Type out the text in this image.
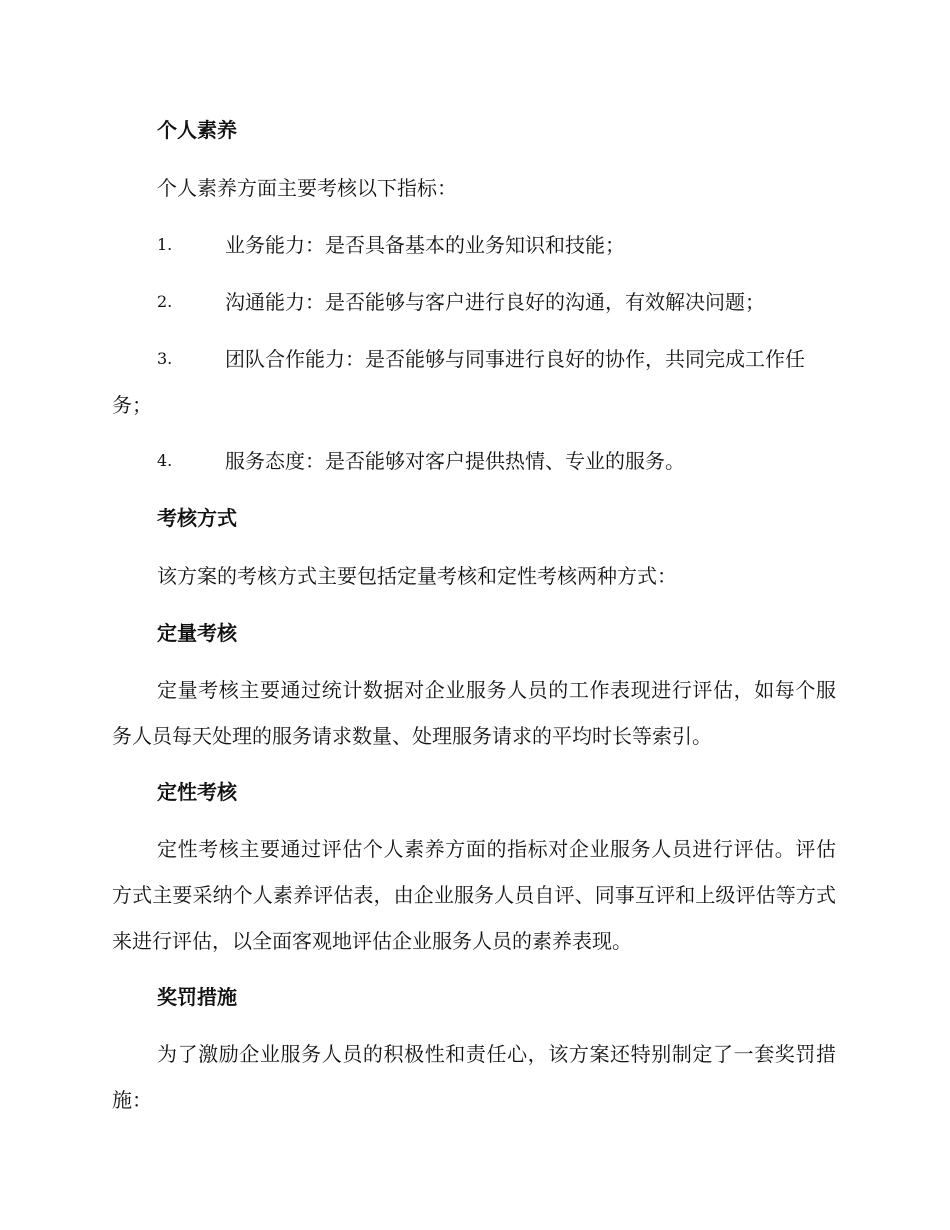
个人素养
个人素养方面主要考核以下指标：
1.	业务能力：是否具备基本的业务知识和技能；
2.	沟通能力：是否能够与客户进行良好的沟通，有效解决问题；
3.	团队合作能力：是否能够与同事进行良好的协作，共同完成工作任务；
4.	服务态度：是否能够对客户提供热情、专业的服务。
考核方式
该方案的考核方式主要包括定量考核和定性考核两种方式：
定量考核
定量考核主要通过统计数据对企业服务人员的工作表现进行评估，如每个服务人员每天处理的服务请求数量、处理服务请求的平均时长等索引。
定性考核
定性考核主要通过评估个人素养方面的指标对企业服务人员进行评估。评估方式主要采纳个人素养评估表，由企业服务人员自评、同事互评和上级评估等方式来进行评估，以全面客观地评估企业服务人员的素养表现。
奖罚措施
为了激励企业服务人员的积极性和责任心，该方案还特别制定了一套奖罚措施：
